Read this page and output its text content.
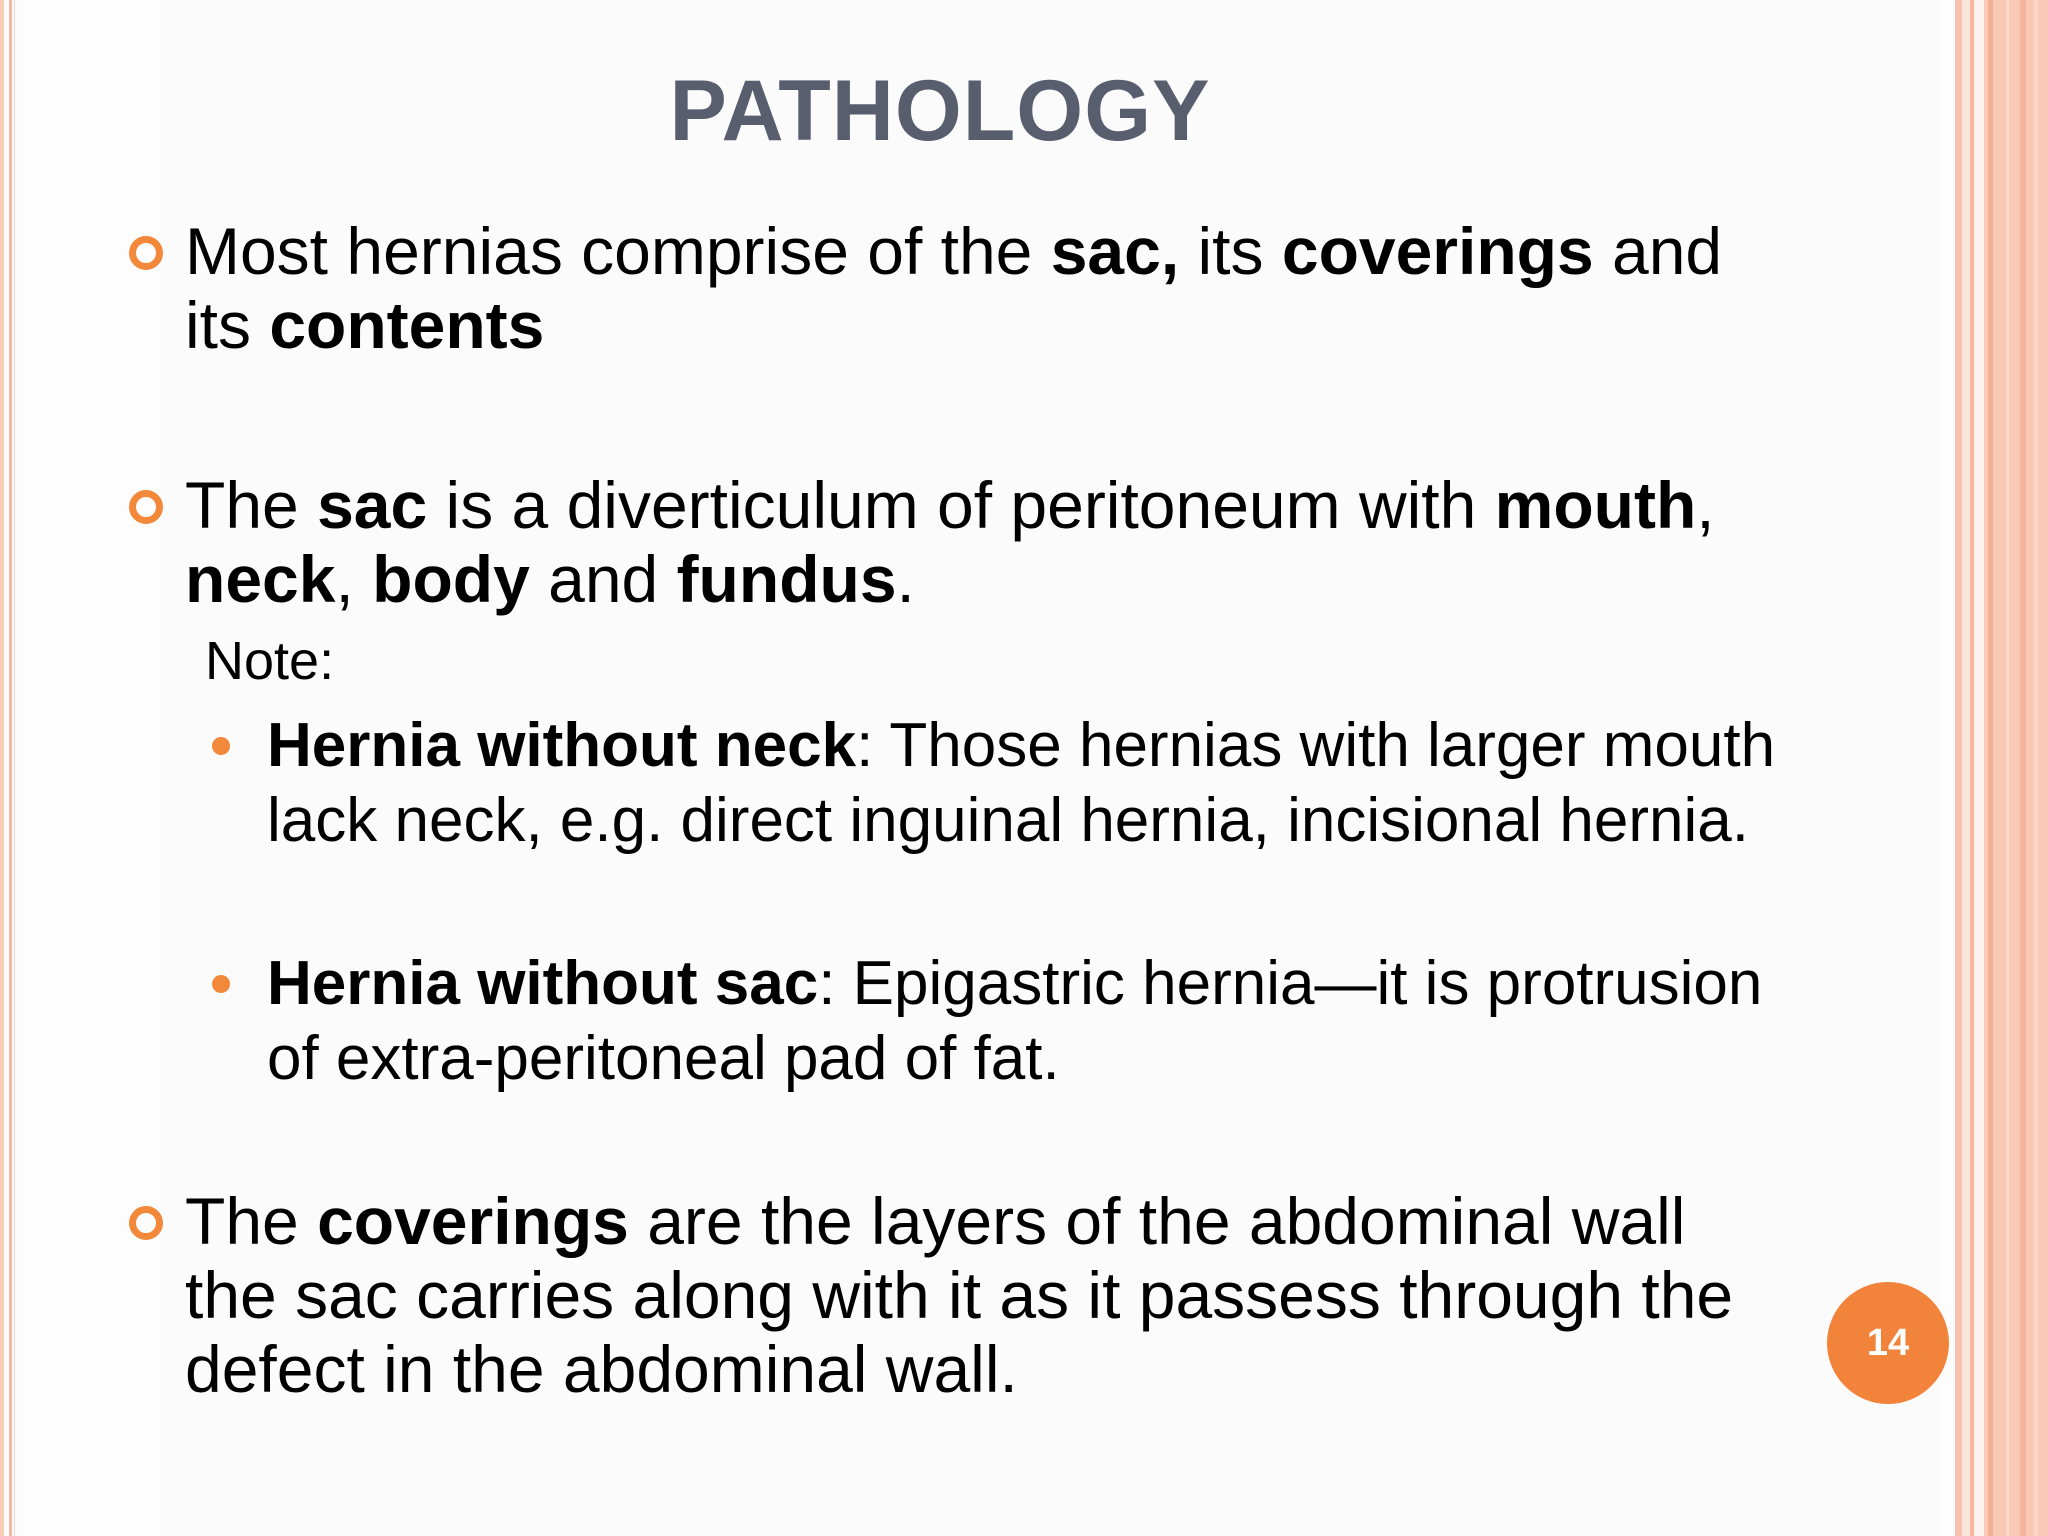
PATHOLOGY
Most hernias comprise of the sac, its coverings and its contents
The sac is a diverticulum of peritoneum with mouth, neck, body and fundus.
Note:
Hernia without neck: Those hernias with larger mouth lack neck, e.g. direct inguinal hernia, incisional hernia.
Hernia without sac: Epigastric hernia—it is protrusion of extra-peritoneal pad of fat.
The coverings are the layers of the abdominal wall the sac carries along with it as it passess through the defect in the abdominal wall.	14
